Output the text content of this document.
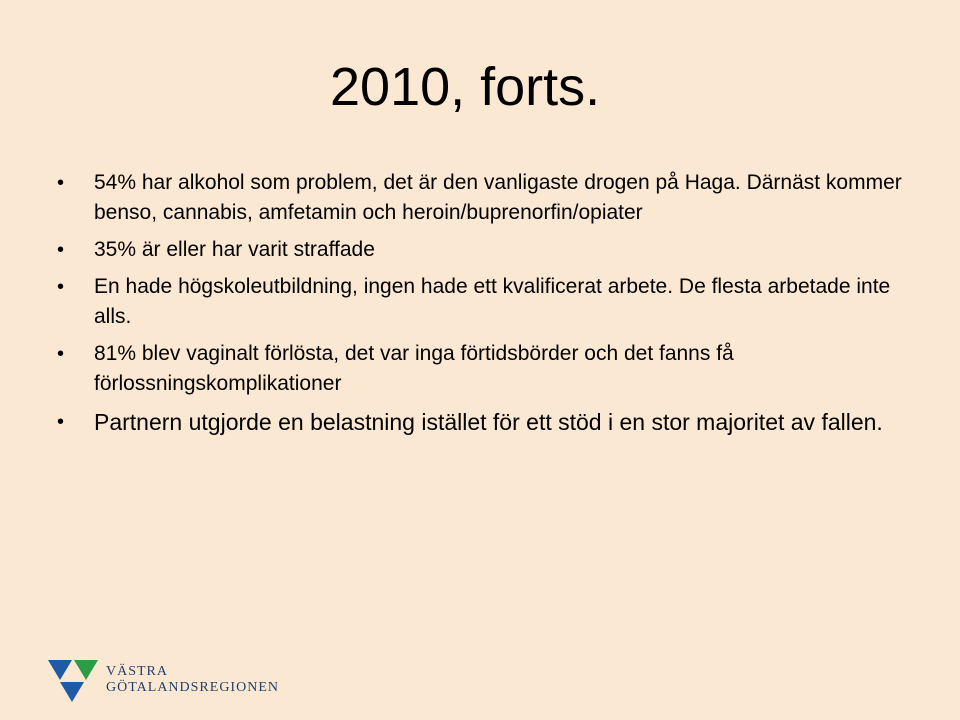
2010, forts.
• 54% har alkohol som problem, det är den vanligaste drogen på Haga. Därnäst kommer benso, cannabis, amfetamin och heroin/buprenorfin/opiater
• 35% är eller har varit straffade
• En hade högskoleutbildning, ingen hade ett kvalificerat arbete. De flesta arbetade inte alls.
• 81% blev vaginalt förlösta, det var inga förtidsbörder och det fanns få förlossningskomplikationer
• Partnern utgjorde en belastning istället för ett stöd i en stor majoritet av fallen.
VÄSTRA
GÖTALANDSREGIONEN
